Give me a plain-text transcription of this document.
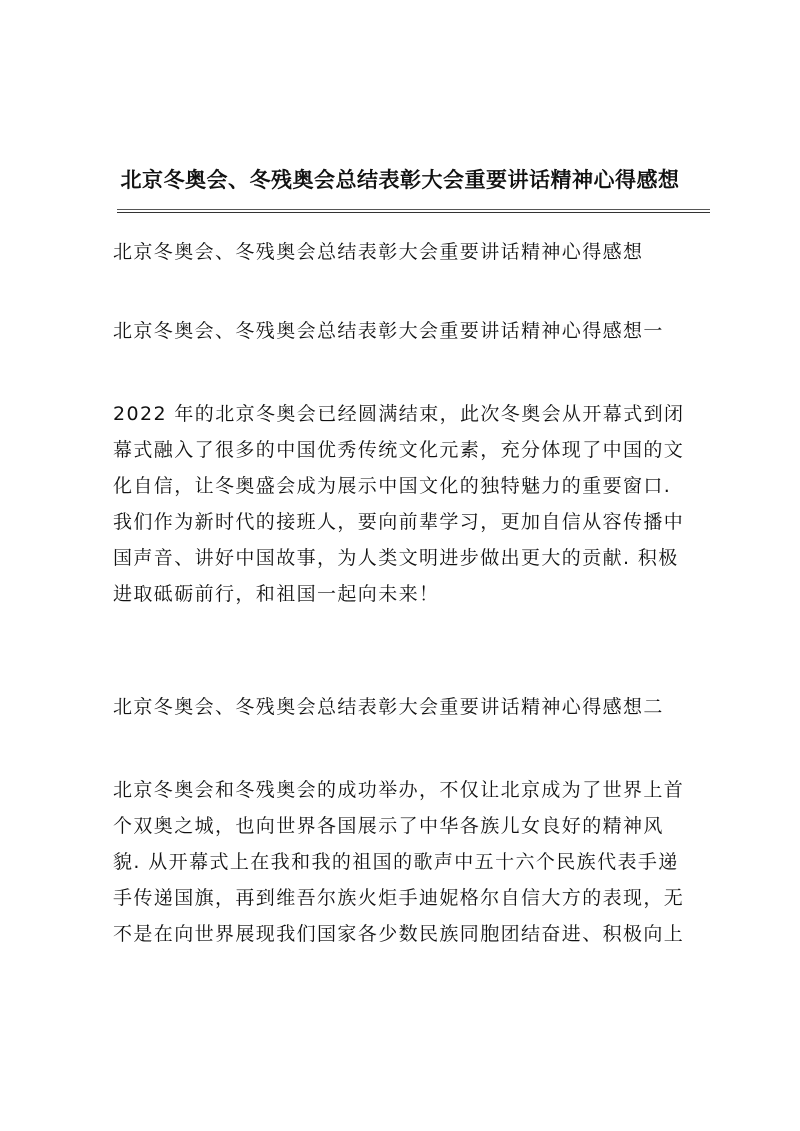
北京冬奥会、冬残奥会总结表彰大会重要讲话精神心得感想

北京冬奥会、冬残奥会总结表彰大会重要讲话精神心得感想

北京冬奥会、冬残奥会总结表彰大会重要讲话精神心得感想一

2022 年的北京冬奥会已经圆满结束，此次冬奥会从开幕式到闭
幕式融入了很多的中国优秀传统文化元素，充分体现了中国的文
化自信，让冬奥盛会成为展示中国文化的独特魅力的重要窗口.
我们作为新时代的接班人，要向前辈学习，更加自信从容传播中
国声音、讲好中国故事，为人类文明进步做出更大的贡献. 积极
进取砥砺前行，和祖国一起向未来！

北京冬奥会、冬残奥会总结表彰大会重要讲话精神心得感想二

北京冬奥会和冬残奥会的成功举办，不仅让北京成为了世界上首
个双奥之城，也向世界各国展示了中华各族儿女良好的精神风
貌. 从开幕式上在我和我的祖国的歌声中五十六个民族代表手递
手传递国旗，再到维吾尔族火炬手迪妮格尔自信大方的表现，无
不是在向世界展现我们国家各少数民族同胞团结奋进、积极向上
